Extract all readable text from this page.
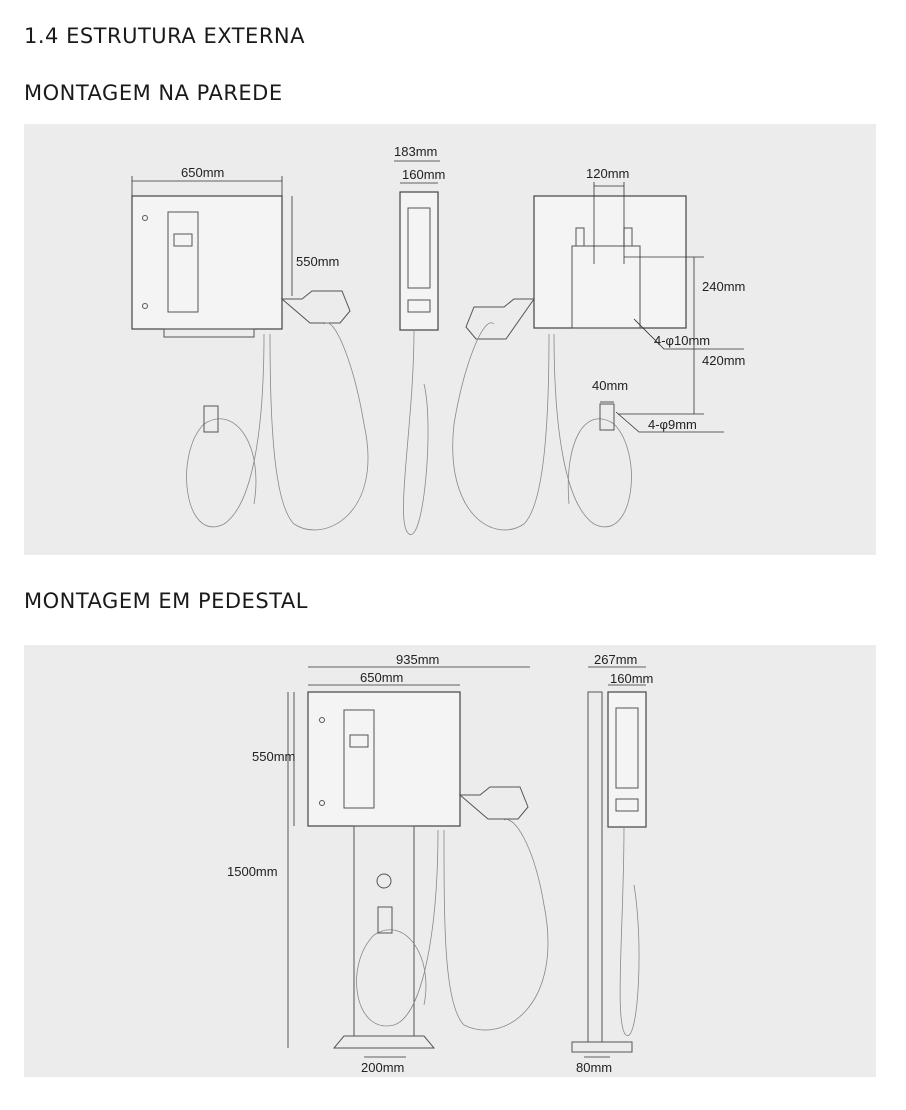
1.4 ESTRUTURA EXTERNA
MONTAGEM NA PAREDE
MONTAGEM EM PEDESTAL
650mm
550mm
183mm
160mm	120mm
240mm
4-φ10mm
420mm
40mm
4-φ9mm
935mm
650mm
550mm
1500mm
200mm
267mm
160mm
80mm
